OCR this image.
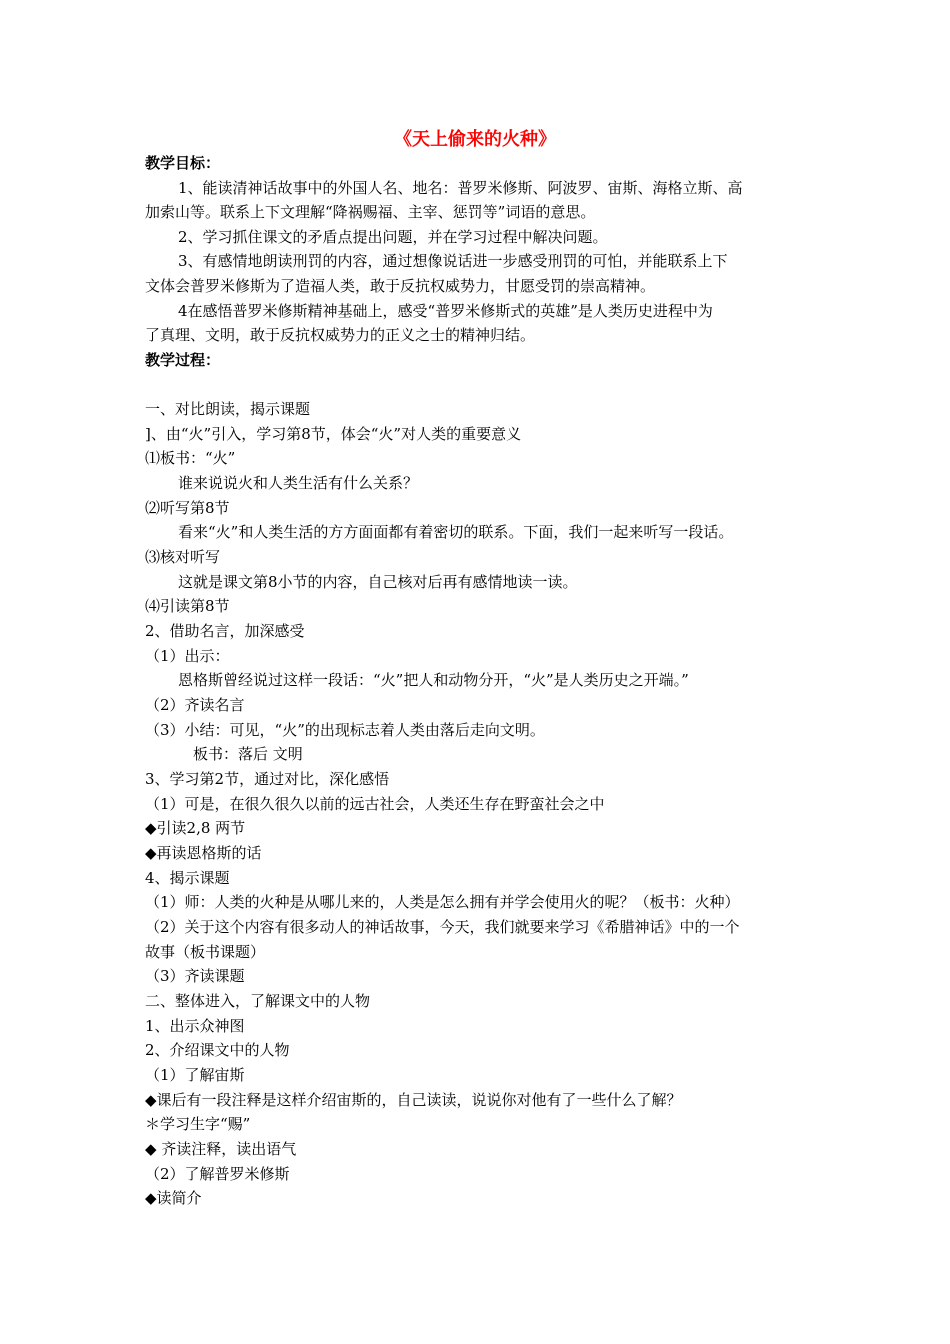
《天上偷来的火种》
教学目标：
1、能读清神话故事中的外国人名、地名：普罗米修斯、阿波罗、宙斯、海格立斯、高
加索山等。联系上下文理解“降祸赐福、主宰、惩罚等”词语的意思。
2、学习抓住课文的矛盾点提出问题，并在学习过程中解决问题。
3、有感情地朗读刑罚的内容，通过想像说话进一步感受刑罚的可怕，并能联系上下
文体会普罗米修斯为了造福人类，敢于反抗权威势力，甘愿受罚的崇高精神。
4在感悟普罗米修斯精神基础上，感受“普罗米修斯式的英雄”是人类历史进程中为
了真理、文明，敢于反抗权威势力的正义之士的精神归结。
教学过程：
一、对比朗读，揭示课题
]、由“火”引入，学习第8节，体会“火”对人类的重要意义
⑴板书：“火”
谁来说说火和人类生活有什么关系？
⑵听写第8节
看来“火”和人类生活的方方面面都有着密切的联系。下面，我们一起来听写一段话。
⑶核对听写
这就是课文第8小节的内容，自己核对后再有感情地读一读。
⑷引读第8节
2、借助名言，加深感受
（1）出示：
恩格斯曾经说过这样一段话：“火”把人和动物分开，“火”是人类历史之开端。”
（2）齐读名言
（3）小结：可见，“火”的出现标志着人类由落后走向文明。
板书：落后 文明
3、学习第2节，通过对比，深化感悟
（1）可是，在很久很久以前的远古社会，人类还生存在野蛮社会之中
◆引读2,8 两节
◆再读恩格斯的话
4、揭示课题
（1）师：人类的火种是从哪儿来的，人类是怎么拥有并学会使用火的呢？（板书：火种）
（2）关于这个内容有很多动人的神话故事，今天，我们就要来学习《希腊神话》中的一个
故事（板书课题）
（3）齐读课题
二、整体进入，了解课文中的人物
1、出示众神图
2、介绍课文中的人物
（1）了解宙斯
◆课后有一段注释是这样介绍宙斯的，自己读读，说说你对他有了一些什么了解？
＊学习生字“赐”
◆ 齐读注释，读出语气
（2）了解普罗米修斯
◆读简介
